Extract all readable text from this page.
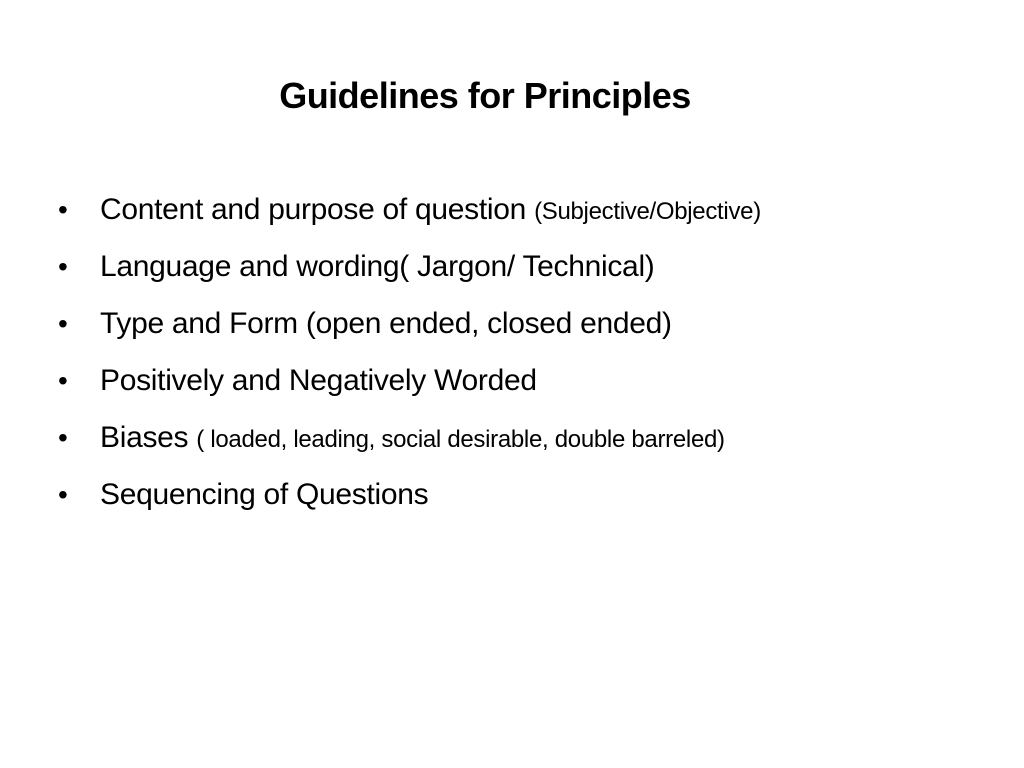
Guidelines for Principles
• Content and purpose of question (Subjective/Objective)
• Language and wording( Jargon/ Technical)
• Type and Form (open ended, closed ended)
• Positively and Negatively Worded
• Biases ( loaded, leading, social desirable, double barreled)
• Sequencing of Questions
